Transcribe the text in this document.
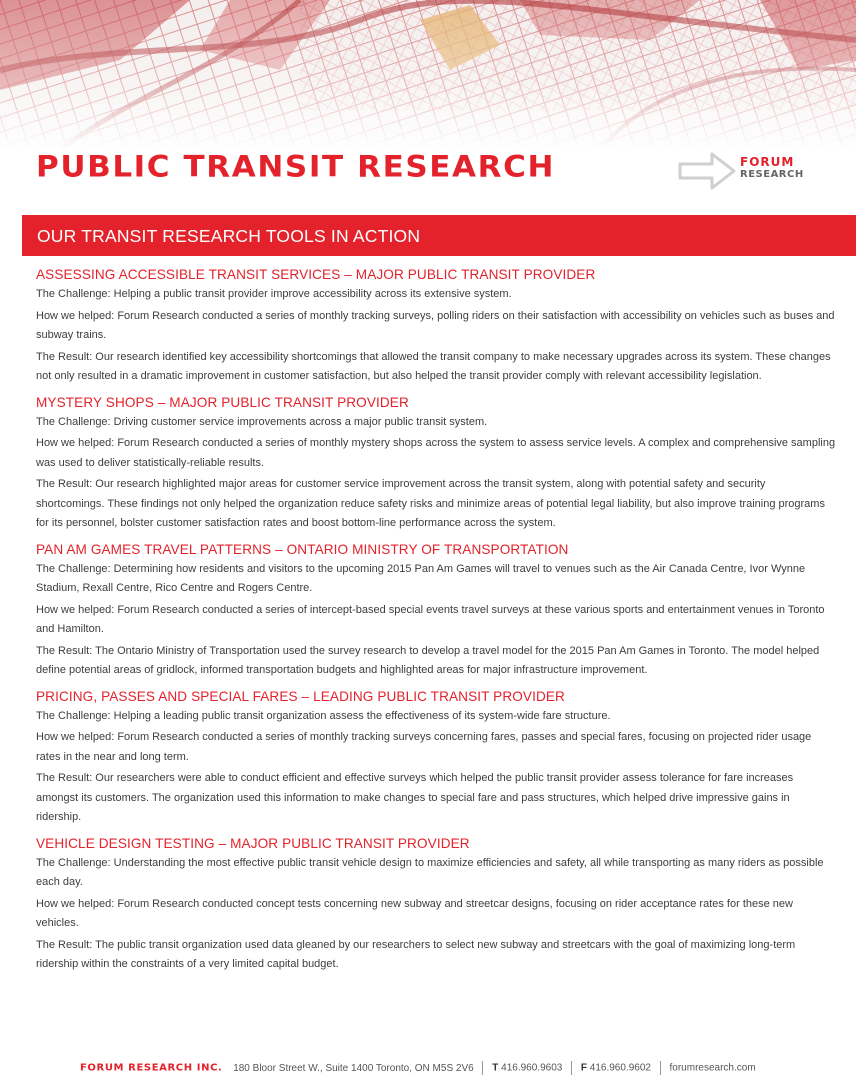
PUBLIC TRANSIT RESEARCH	FORUM
RESEARCH
OUR TRANSIT RESEARCH TOOLS IN ACTION
ASSESSING ACCESSIBLE TRANSIT SERVICES – MAJOR PUBLIC TRANSIT PROVIDER

The Challenge: Helping a public transit provider improve accessibility across its extensive system.

How we helped: Forum Research conducted a series of monthly tracking surveys, polling riders on their satisfaction with accessibility on vehicles such as buses and subway trains.

The Result: Our research identified key accessibility shortcomings that allowed the transit company to make necessary upgrades across its system. These changes not only resulted in a dramatic improvement in customer satisfaction, but also helped the transit provider comply with relevant accessibility legislation.

MYSTERY SHOPS – MAJOR PUBLIC TRANSIT PROVIDER

The Challenge: Driving customer service improvements across a major public transit system.

How we helped: Forum Research conducted a series of monthly mystery shops across the system to assess service levels. A complex and comprehensive sampling was used to deliver statistically-reliable results.

The Result: Our research highlighted major areas for customer service improvement across the transit system, along with potential safety and security shortcomings. These findings not only helped the organization reduce safety risks and minimize areas of potential legal liability, but also improve training programs for its personnel, bolster customer satisfaction rates and boost bottom-line performance across the system.

PAN AM GAMES TRAVEL PATTERNS – ONTARIO MINISTRY OF TRANSPORTATION

The Challenge: Determining how residents and visitors to the upcoming 2015 Pan Am Games will travel to venues such as the Air Canada Centre, Ivor Wynne Stadium, Rexall Centre, Rico Centre and Rogers Centre.

How we helped: Forum Research conducted a series of intercept-based special events travel surveys at these various sports and entertainment venues in Toronto and Hamilton.

The Result: The Ontario Ministry of Transportation used the survey research to develop a travel model for the 2015 Pan Am Games in Toronto. The model helped define potential areas of gridlock, informed transportation budgets and highlighted areas for major infrastructure improvement.

PRICING, PASSES AND SPECIAL FARES – LEADING PUBLIC TRANSIT PROVIDER

The Challenge: Helping a leading public transit organization assess the effectiveness of its system-wide fare structure.

How we helped: Forum Research conducted a series of monthly tracking surveys concerning fares, passes and special fares, focusing on projected rider usage rates in the near and long term.

The Result: Our researchers were able to conduct efficient and effective surveys which helped the public transit provider assess tolerance for fare increases amongst its customers. The organization used this information to make changes to special fare and pass structures, which helped drive impressive gains in ridership.

VEHICLE DESIGN TESTING – MAJOR PUBLIC TRANSIT PROVIDER

The Challenge: Understanding the most effective public transit vehicle design to maximize efficiencies and safety, all while transporting as many riders as possible each day.

How we helped: Forum Research conducted concept tests concerning new subway and streetcar designs, focusing on rider acceptance rates for these new vehicles.

The Result: The public transit organization used data gleaned by our researchers to select new subway and streetcars with the goal of maximizing long-term ridership within the constraints of a very limited capital budget.

FORUM RESEARCH INC. 180 Bloor Street W., Suite 1400 Toronto, ON M5S 2V6 T 416.960.9603 F 416.960.9602 forumresearch.com
